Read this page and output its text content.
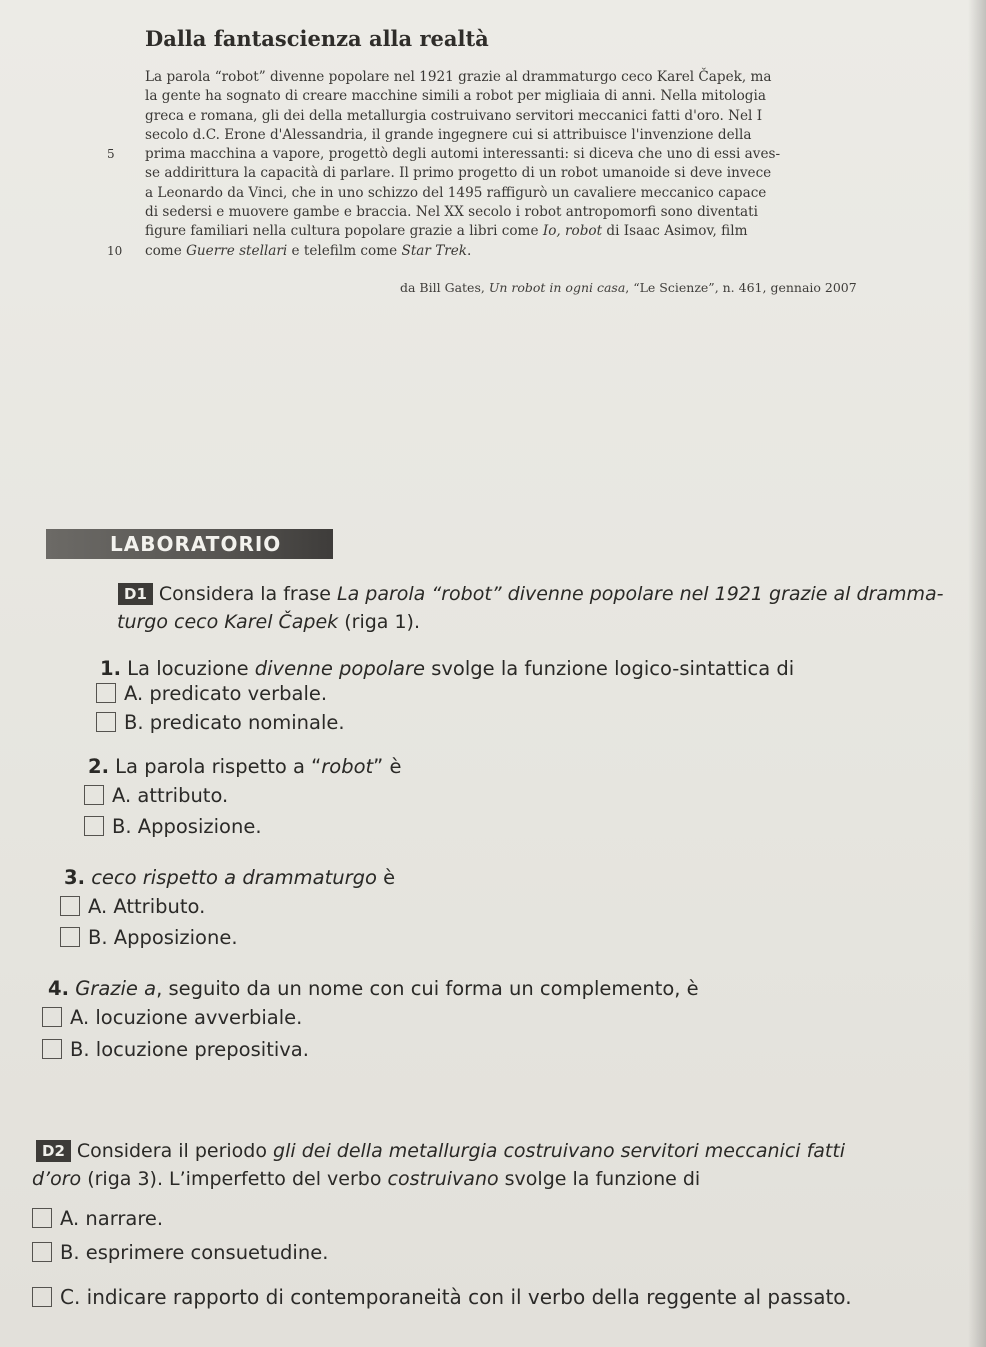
Dalla fantascienza alla realtà
La parola “robot” divenne popolare nel 1921 grazie al drammaturgo ceco Karel Čapek, ma
la gente ha sognato di creare macchine simili a robot per migliaia di anni. Nella mitologia
greca e romana, gli dei della metallurgia costruivano servitori meccanici fatti d'oro. Nel I
secolo d.C. Erone d'Alessandria, il grande ingegnere cui si attribuisce l'invenzione della
5 prima macchina a vapore, progettò degli automi interessanti: si diceva che uno di essi aves-
se addirittura la capacità di parlare. Il primo progetto di un robot umanoide si deve invece
a Leonardo da Vinci, che in uno schizzo del 1495 raffigurò un cavaliere meccanico capace
di sedersi e muovere gambe e braccia. Nel XX secolo i robot antropomorfi sono diventati
figure familiari nella cultura popolare grazie a libri come Io, robot di Isaac Asimov, film
10 come Guerre stellari e telefilm come Star Trek.
da Bill Gates, Un robot in ogni casa, “Le Scienze”, n. 461, gennaio 2007
LABORATORIO
D1 Considera la frase La parola “robot” divenne popolare nel 1921 grazie al dramma-
turgo ceco Karel Čapek (riga 1).
1. La locuzione divenne popolare svolge la funzione logico-sintattica di
A. predicato verbale.
B. predicato nominale.
2. La parola rispetto a “robot” è
A. attributo.
B. Apposizione.
3. ceco rispetto a drammaturgo è
A. Attributo.
B. Apposizione.
4. Grazie a, seguito da un nome con cui forma un complemento, è
A. locuzione avverbiale.
B. locuzione prepositiva.
D2 Considera il periodo gli dei della metallurgia costruivano servitori meccanici fatti
d’oro (riga 3). L’imperfetto del verbo costruivano svolge la funzione di
A. narrare.
B. esprimere consuetudine.
C. indicare rapporto di contemporaneità con il verbo della reggente al passato.
